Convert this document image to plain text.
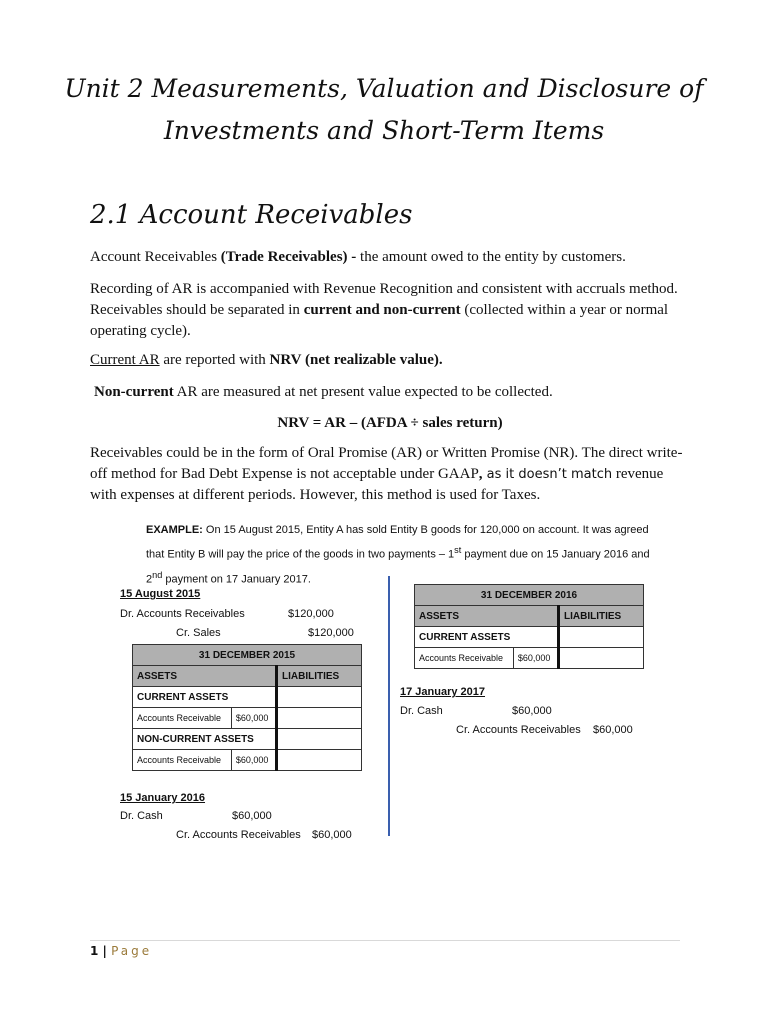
Unit 2 Measurements, Valuation and Disclosure of
Investments and Short-Term Items
2.1 Account Receivables
Account Receivables (Trade Receivables) - the amount owed to the entity by customers.
Recording of AR is accompanied with Revenue Recognition and consistent with accruals method. Receivables should be separated in current and non-current (collected within a year or normal operating cycle).
Current AR are reported with NRV (net realizable value).
Non-current AR are measured at net present value expected to be collected.
NRV = AR – (AFDA ÷ sales return)
Receivables could be in the form of Oral Promise (AR) or Written Promise (NR). The direct write-off method for Bad Debt Expense is not acceptable under GAAP, as it doesn’t match revenue with expenses at different periods. However, this method is used for Taxes.
EXAMPLE: On 15 August 2015, Entity A has sold Entity B goods for 120,000 on account. It was agreed that Entity B will pay the price of the goods in two payments – 1st payment due on 15 January 2016 and 2nd payment on 17 January 2017.
15 August 2015
Dr. Accounts Receivables	$120,000
Cr. Sales	$120,000
31 DECEMBER 2015		
ASSETS		LIABILITIES
CURRENT ASSETS		
Accounts Receivable	$60,000	
NON-CURRENT ASSETS		
Accounts Receivable	$60,000	
15 January 2016
Dr. Cash	$60,000
Cr. Accounts Receivables $60,000
31 DECEMBER 2016		
ASSETS		LIABILITIES
CURRENT ASSETS		
Accounts Receivable	$60,000	
17 January 2017
Dr. Cash	$60,000
Cr. Accounts Receivables $60,000
1 | Page
